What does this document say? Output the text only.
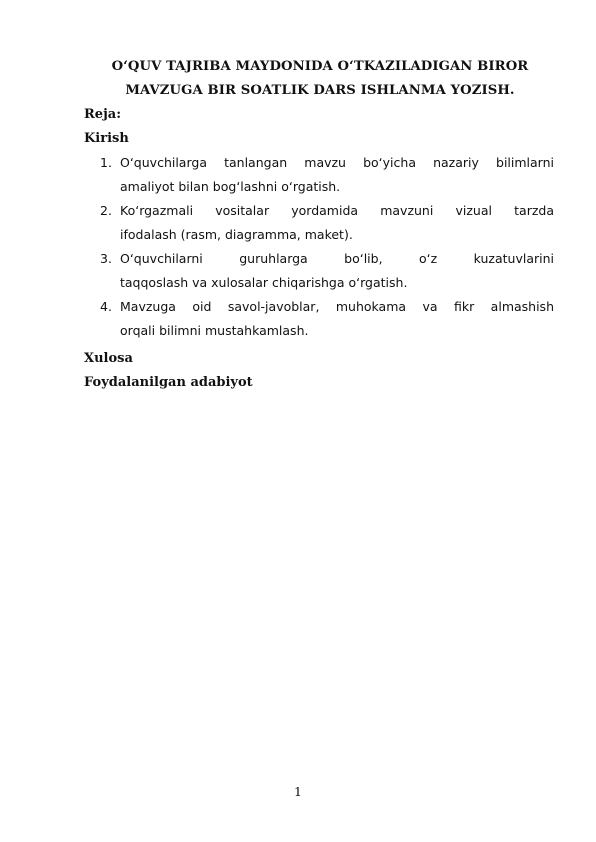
O‘QUV TAJRIBA MAYDONIDA O‘TKAZILADIGAN BIROR
MAVZUGA BIR SOATLIK DARS ISHLANMA YOZISH.
Reja:
Kirish
1. O‘quvchilarga tanlangan mavzu bo‘yicha nazariy bilimlarni
amaliyot bilan bog‘lashni o‘rgatish.
2. Ko‘rgazmali vositalar yordamida mavzuni vizual tarzda
ifodalash (rasm, diagramma, maket).
3. O‘quvchilarni guruhlarga bo‘lib, o‘z kuzatuvlarini
taqqoslash va xulosalar chiqarishga o‘rgatish.
4. Mavzuga oid savol-javoblar, muhokama va fikr almashish
orqali bilimni mustahkamlash.
Xulosa
Foydalanilgan adabiyot
1
